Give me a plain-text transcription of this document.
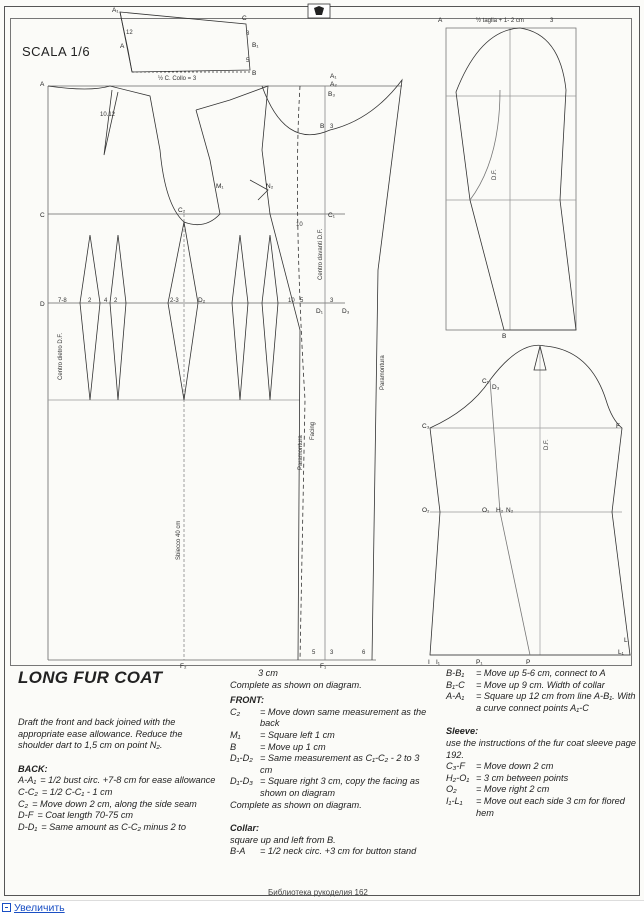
A₁
A	B₁
B
C
½ C. Collo = 3
8
5
12
A
A₁
A₂
B
B₃
C	C₁
C₂
D
D₁
D₂
D₃
F₂	F₁
M₁	N₂
10
10.12
7-8	2 4 2	2-3	10 5	3
3
5 3	6
Centro dietro D.F.
Centro davanti D.F.
Paramontura
Facing
Sbiecco 40 cm
Paramontura
A
B
½ taglia + 1- 2 cm
D.F.
3
C₁
C₃
D₃
D.F.
F
O₁
O₂	H₂ N₂
I I₁	P₁	P
L
L₁
SCALA 1/6
LONG FUR COAT

Draft the front and back joined with the appropriate ease allowance. Reduce the shoulder dart to 1,5 cm on point N₂.

BACK:

A-A₁ = 1/2 bust circ. +7-8 cm for ease allowance
C-C₂ = 1/2 C-C₁ - 1 cm
C₂ = Move down 2 cm, along the side seam
D-F = Coat length 70-75 cm
D-D₁ = Same amount as C-C₂ minus 2 to

3 cm

Complete as shown on diagram.

FRONT:

C₂	= Move down same measurement as the back
M₁	= Square left 1 cm
B	= Move up 1 cm
D₁-D₂ = Same measurement as C₁-C₂ - 2 to 3 cm
D₁-D₃ = Square right 3 cm, copy the facing as shown on diagram

Complete as shown on diagram.

Collar:

square up and left from B.

B-A	= 1/2 neck circ. +3 cm for button stand
B-B₁	= Move up 5-6 cm, connect to A
B₁-C	= Move up 9 cm. Width of collar
A-A₁	= Square up 12 cm from line A-B₁. With a curve connect points A₁-C

Sleeve:

use the instructions of the fur coat sleeve page 192.

C₃-F	= Move down 2 cm
H₂-O₁ = 3 cm between points
O₂	= Move right 2 cm
I₁-L₁	= Move out each side 3 cm for flored hem
Библиотека рукоделия 162
Увеличить
